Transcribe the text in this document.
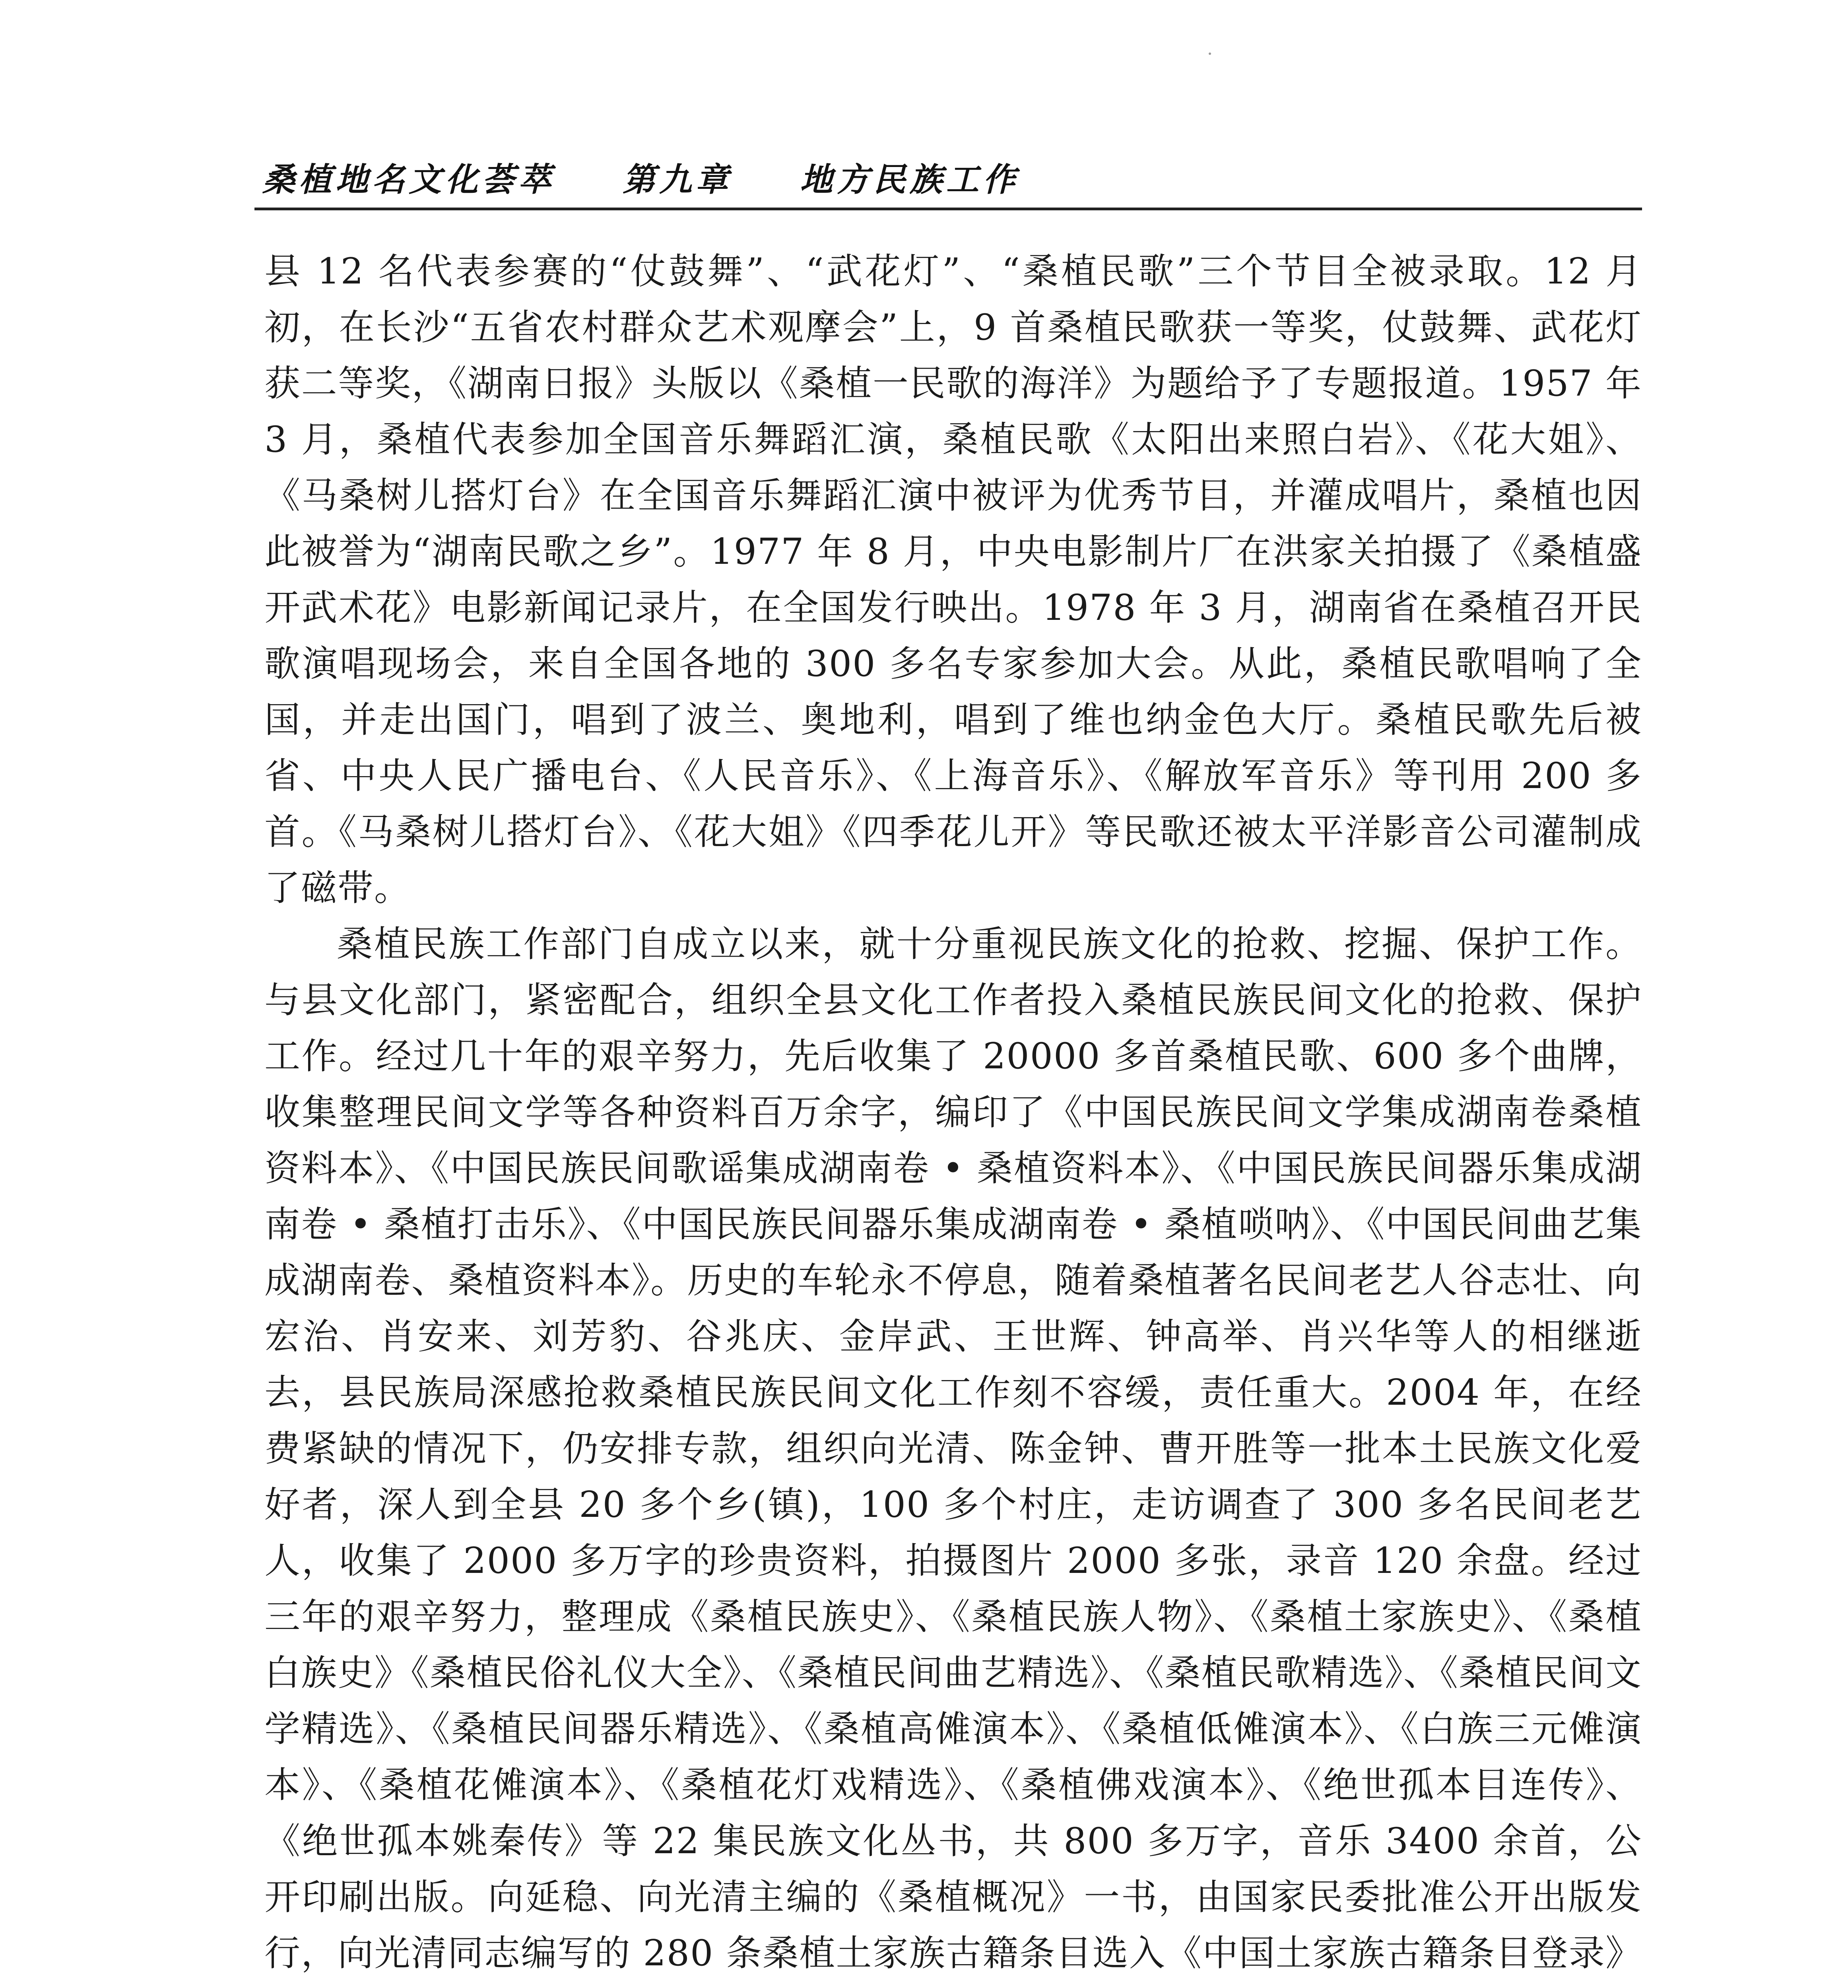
桑植地名文化荟萃 第九章 地方民族工作

县 12 名代表参赛的“仗鼓舞”、“武花灯”、“桑植民歌”三个节目全被录取。12 月初，在长沙“五省农村群众艺术观摩会”上，9 首桑植民歌获一等奖，仗鼓舞、武花灯获二等奖，《湖南日报》头版以《桑植一民歌的海洋》为题给予了专题报道。1957 年 3 月，桑植代表参加全国音乐舞蹈汇演，桑植民歌《太阳出来照白岩》、《花大姐》、《马桑树儿搭灯台》在全国音乐舞蹈汇演中被评为优秀节目，并灌成唱片，桑植也因此被誉为“湖南民歌之乡”。1977 年 8 月，中央电影制片厂在洪家关拍摄了《桑植盛开武术花》电影新闻记录片，在全国发行映出。1978 年 3 月，湖南省在桑植召开民歌演唱现场会，来自全国各地的 300 多名专家参加大会。从此，桑植民歌唱响了全国，并走出国门，唱到了波兰、奥地利，唱到了维也纳金色大厅。桑植民歌先后被省、中央人民广播电台、《人民音乐》、《上海音乐》、《解放军音乐》等刊用 200 多首。《马桑树儿搭灯台》、《花大姐》《四季花儿开》等民歌还被太平洋影音公司灌制成了磁带。

桑植民族工作部门自成立以来，就十分重视民族文化的抢救、挖掘、保护工作。与县文化部门，紧密配合，组织全县文化工作者投入桑植民族民间文化的抢救、保护工作。经过几十年的艰辛努力，先后收集了 20000 多首桑植民歌、600 多个曲牌，收集整理民间文学等各种资料百万余字，编印了《中国民族民间文学集成湖南卷桑植资料本》、《中国民族民间歌谣集成湖南卷 • 桑植资料本》、《中国民族民间器乐集成湖南卷 • 桑植打击乐》、《中国民族民间器乐集成湖南卷 • 桑植唢呐》、《中国民间曲艺集成湖南卷、桑植资料本》。历史的车轮永不停息，随着桑植著名民间老艺人谷志壮、向宏治、肖安来、刘芳豹、谷兆庆、金岸武、王世辉、钟高举、肖兴华等人的相继逝去，县民族局深感抢救桑植民族民间文化工作刻不容缓，责任重大。2004 年，在经费紧缺的情况下，仍安排专款，组织向光清、陈金钟、曹开胜等一批本土民族文化爱好者，深人到全县 20 多个乡(镇)，100 多个村庄，走访调查了 300 多名民间老艺人，收集了 2000 多万字的珍贵资料，拍摄图片 2000 多张，录音 120 余盘。经过三年的艰辛努力，整理成《桑植民族史》、《桑植民族人物》、《桑植土家族史》、《桑植白族史》《桑植民俗礼仪大全》、《桑植民间曲艺精选》、《桑植民歌精选》、《桑植民间文学精选》、《桑植民间器乐精选》、《桑植高傩演本》、《桑植低傩演本》、《白族三元傩演本》、《桑植花傩演本》、《桑植花灯戏精选》、《桑植佛戏演本》、《绝世孤本目连传》、《绝世孤本姚秦传》等 22 集民族文化丛书，共 800 多万字，音乐 3400 余首，公开印刷出版。向延稳、向光清主编的《桑植概况》一书，由国家民委批准公开出版发行，向光清同志编写的 280 条桑植土家族古籍条目选入《中国土家族古籍条目登录》
